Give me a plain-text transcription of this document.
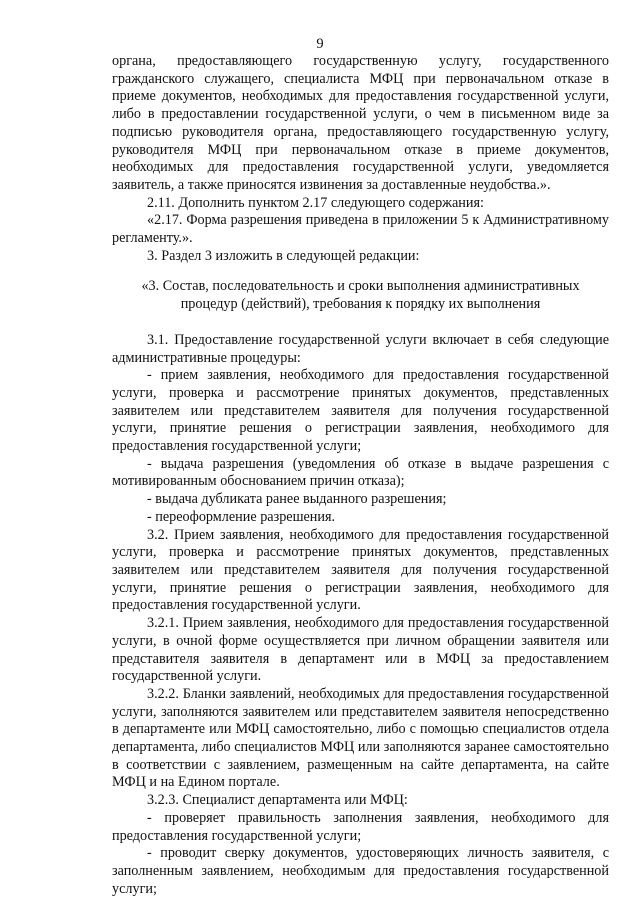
9

органа, предоставляющего государственную услугу, государственного гражданского служащего, специалиста МФЦ при первоначальном отказе в приеме документов, необходимых для предоставления государственной услуги, либо в предоставлении государственной услуги, о чем в письменном виде за подписью руководителя органа, предоставляющего государственную услугу, руководителя МФЦ при первоначальном отказе в приеме документов, необходимых для предоставления государственной услуги, уведомляется заявитель, а также приносятся извинения за доставленные неудобства.».

2.11. Дополнить пунктом 2.17 следующего содержания:

«2.17. Форма разрешения приведена в приложении 5 к Административному регламенту.».

3. Раздел 3 изложить в следующей редакции:

«3. Состав, последовательность и сроки выполнения административных процедур (действий), требования к порядку их выполнения

3.1. Предоставление государственной услуги включает в себя следующие административные процедуры:

- прием заявления, необходимого для предоставления государственной услуги, проверка и рассмотрение принятых документов, представленных заявителем или представителем заявителя для получения государственной услуги, принятие решения о регистрации заявления, необходимого для предоставления государственной услуги;

- выдача разрешения (уведомления об отказе в выдаче разрешения с мотивированным обоснованием причин отказа);

- выдача дубликата ранее выданного разрешения;

- переоформление разрешения.

3.2. Прием заявления, необходимого для предоставления государственной услуги, проверка и рассмотрение принятых документов, представленных заявителем или представителем заявителя для получения государственной услуги, принятие решения о регистрации заявления, необходимого для предоставления государственной услуги.

3.2.1. Прием заявления, необходимого для предоставления государственной услуги, в очной форме осуществляется при личном обращении заявителя или представителя заявителя в департамент или в МФЦ за предоставлением государственной услуги.

3.2.2. Бланки заявлений, необходимых для предоставления государственной услуги, заполняются заявителем или представителем заявителя непосредственно в департаменте или МФЦ самостоятельно, либо с помощью специалистов отдела департамента, либо специалистов МФЦ или заполняются заранее самостоятельно в соответствии с заявлением, размещенным на сайте департамента, на сайте МФЦ и на Едином портале.

3.2.3. Специалист департамента или МФЦ:

- проверяет правильность заполнения заявления, необходимого для предоставления государственной услуги;

- проводит сверку документов, удостоверяющих личность заявителя, с заполненным заявлением, необходимым для предоставления государственной услуги;
